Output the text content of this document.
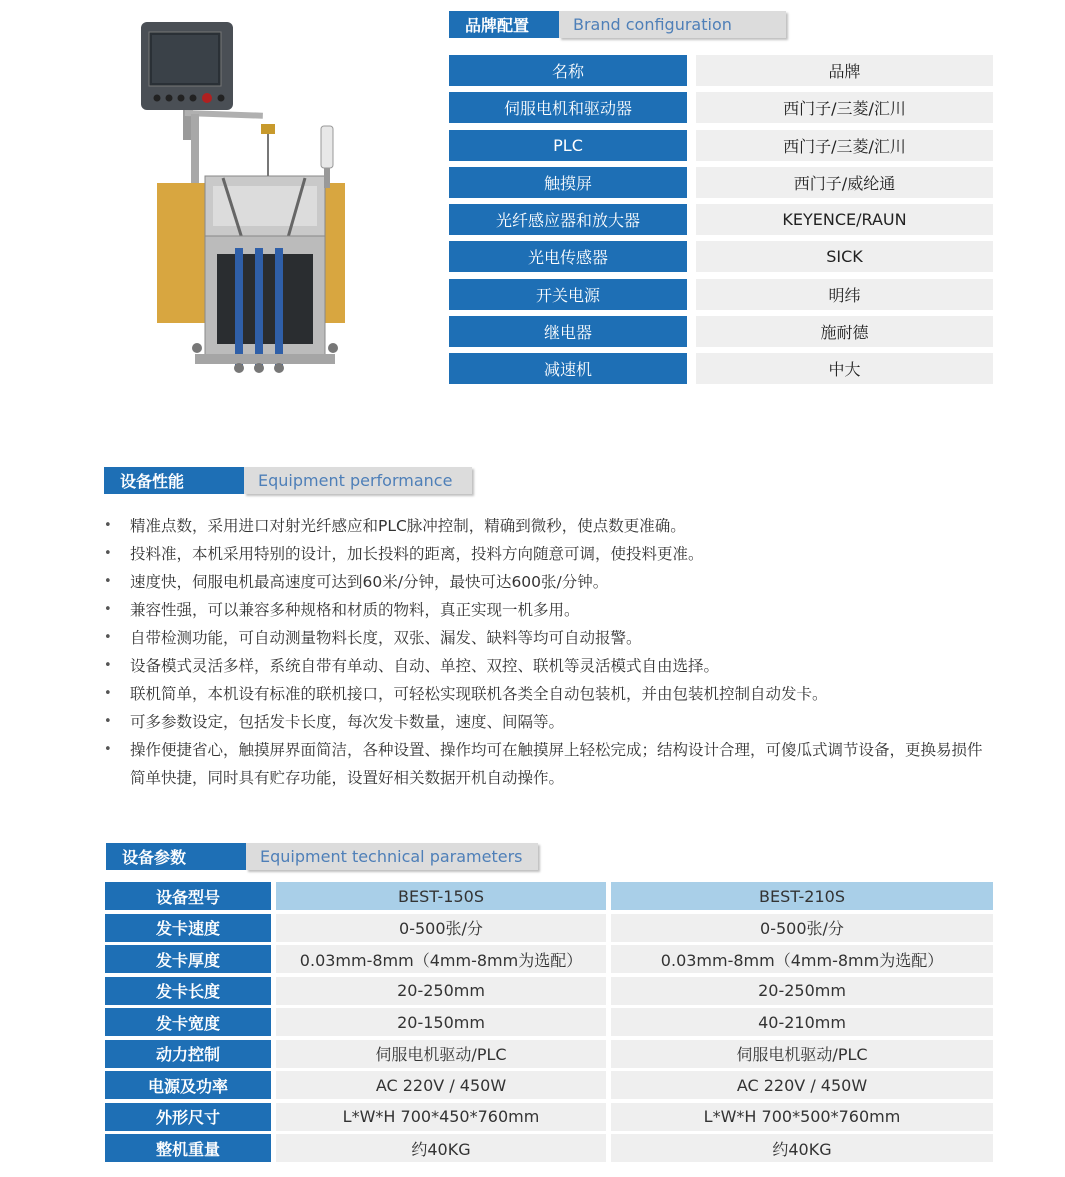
品牌配置	Brand configuration
名称	品牌
伺服电机和驱动器	西门子/三菱/汇川
PLC	西门子/三菱/汇川
触摸屏	西门子/威纶通
光纤感应器和放大器	KEYENCE/RAUN
光电传感器	SICK
开关电源	明纬
继电器	施耐德
减速机	中大
设备性能	Equipment performance
• 精准点数，采用进口对射光纤感应和PLC脉冲控制，精确到微秒，使点数更准确。
• 投料准，本机采用特别的设计，加长投料的距离，投料方向随意可调，使投料更准。
• 速度快，伺服电机最高速度可达到60米/分钟，最快可达600张/分钟。
• 兼容性强，可以兼容多种规格和材质的物料，真正实现一机多用。
• 自带检测功能，可自动测量物料长度，双张、漏发、缺料等均可自动报警。
• 设备模式灵活多样，系统自带有单动、自动、单控、双控、联机等灵活模式自由选择。
• 联机简单，本机设有标准的联机接口，可轻松实现联机各类全自动包装机，并由包装机控制自动发卡。
• 可多参数设定，包括发卡长度，每次发卡数量，速度、间隔等。
• 操作便捷省心，触摸屏界面简洁，各种设置、操作均可在触摸屏上轻松完成；结构设计合理，可傻瓜式调节设备，更换易损件简单快捷，同时具有贮存功能，设置好相关数据开机自动操作。
设备参数	Equipment technical parameters
设备型号	BEST-150S	BEST-210S
发卡速度	0-500张/分	0-500张/分
发卡厚度	0.03mm-8mm（4mm-8mm为选配）	0.03mm-8mm（4mm-8mm为选配）
发卡长度	20-250mm	20-250mm
发卡宽度	20-150mm	40-210mm
动力控制	伺服电机驱动/PLC	伺服电机驱动/PLC
电源及功率	AC 220V / 450W	AC 220V / 450W
外形尺寸	L*W*H 700*450*760mm	L*W*H 700*500*760mm
整机重量	约40KG	约40KG
